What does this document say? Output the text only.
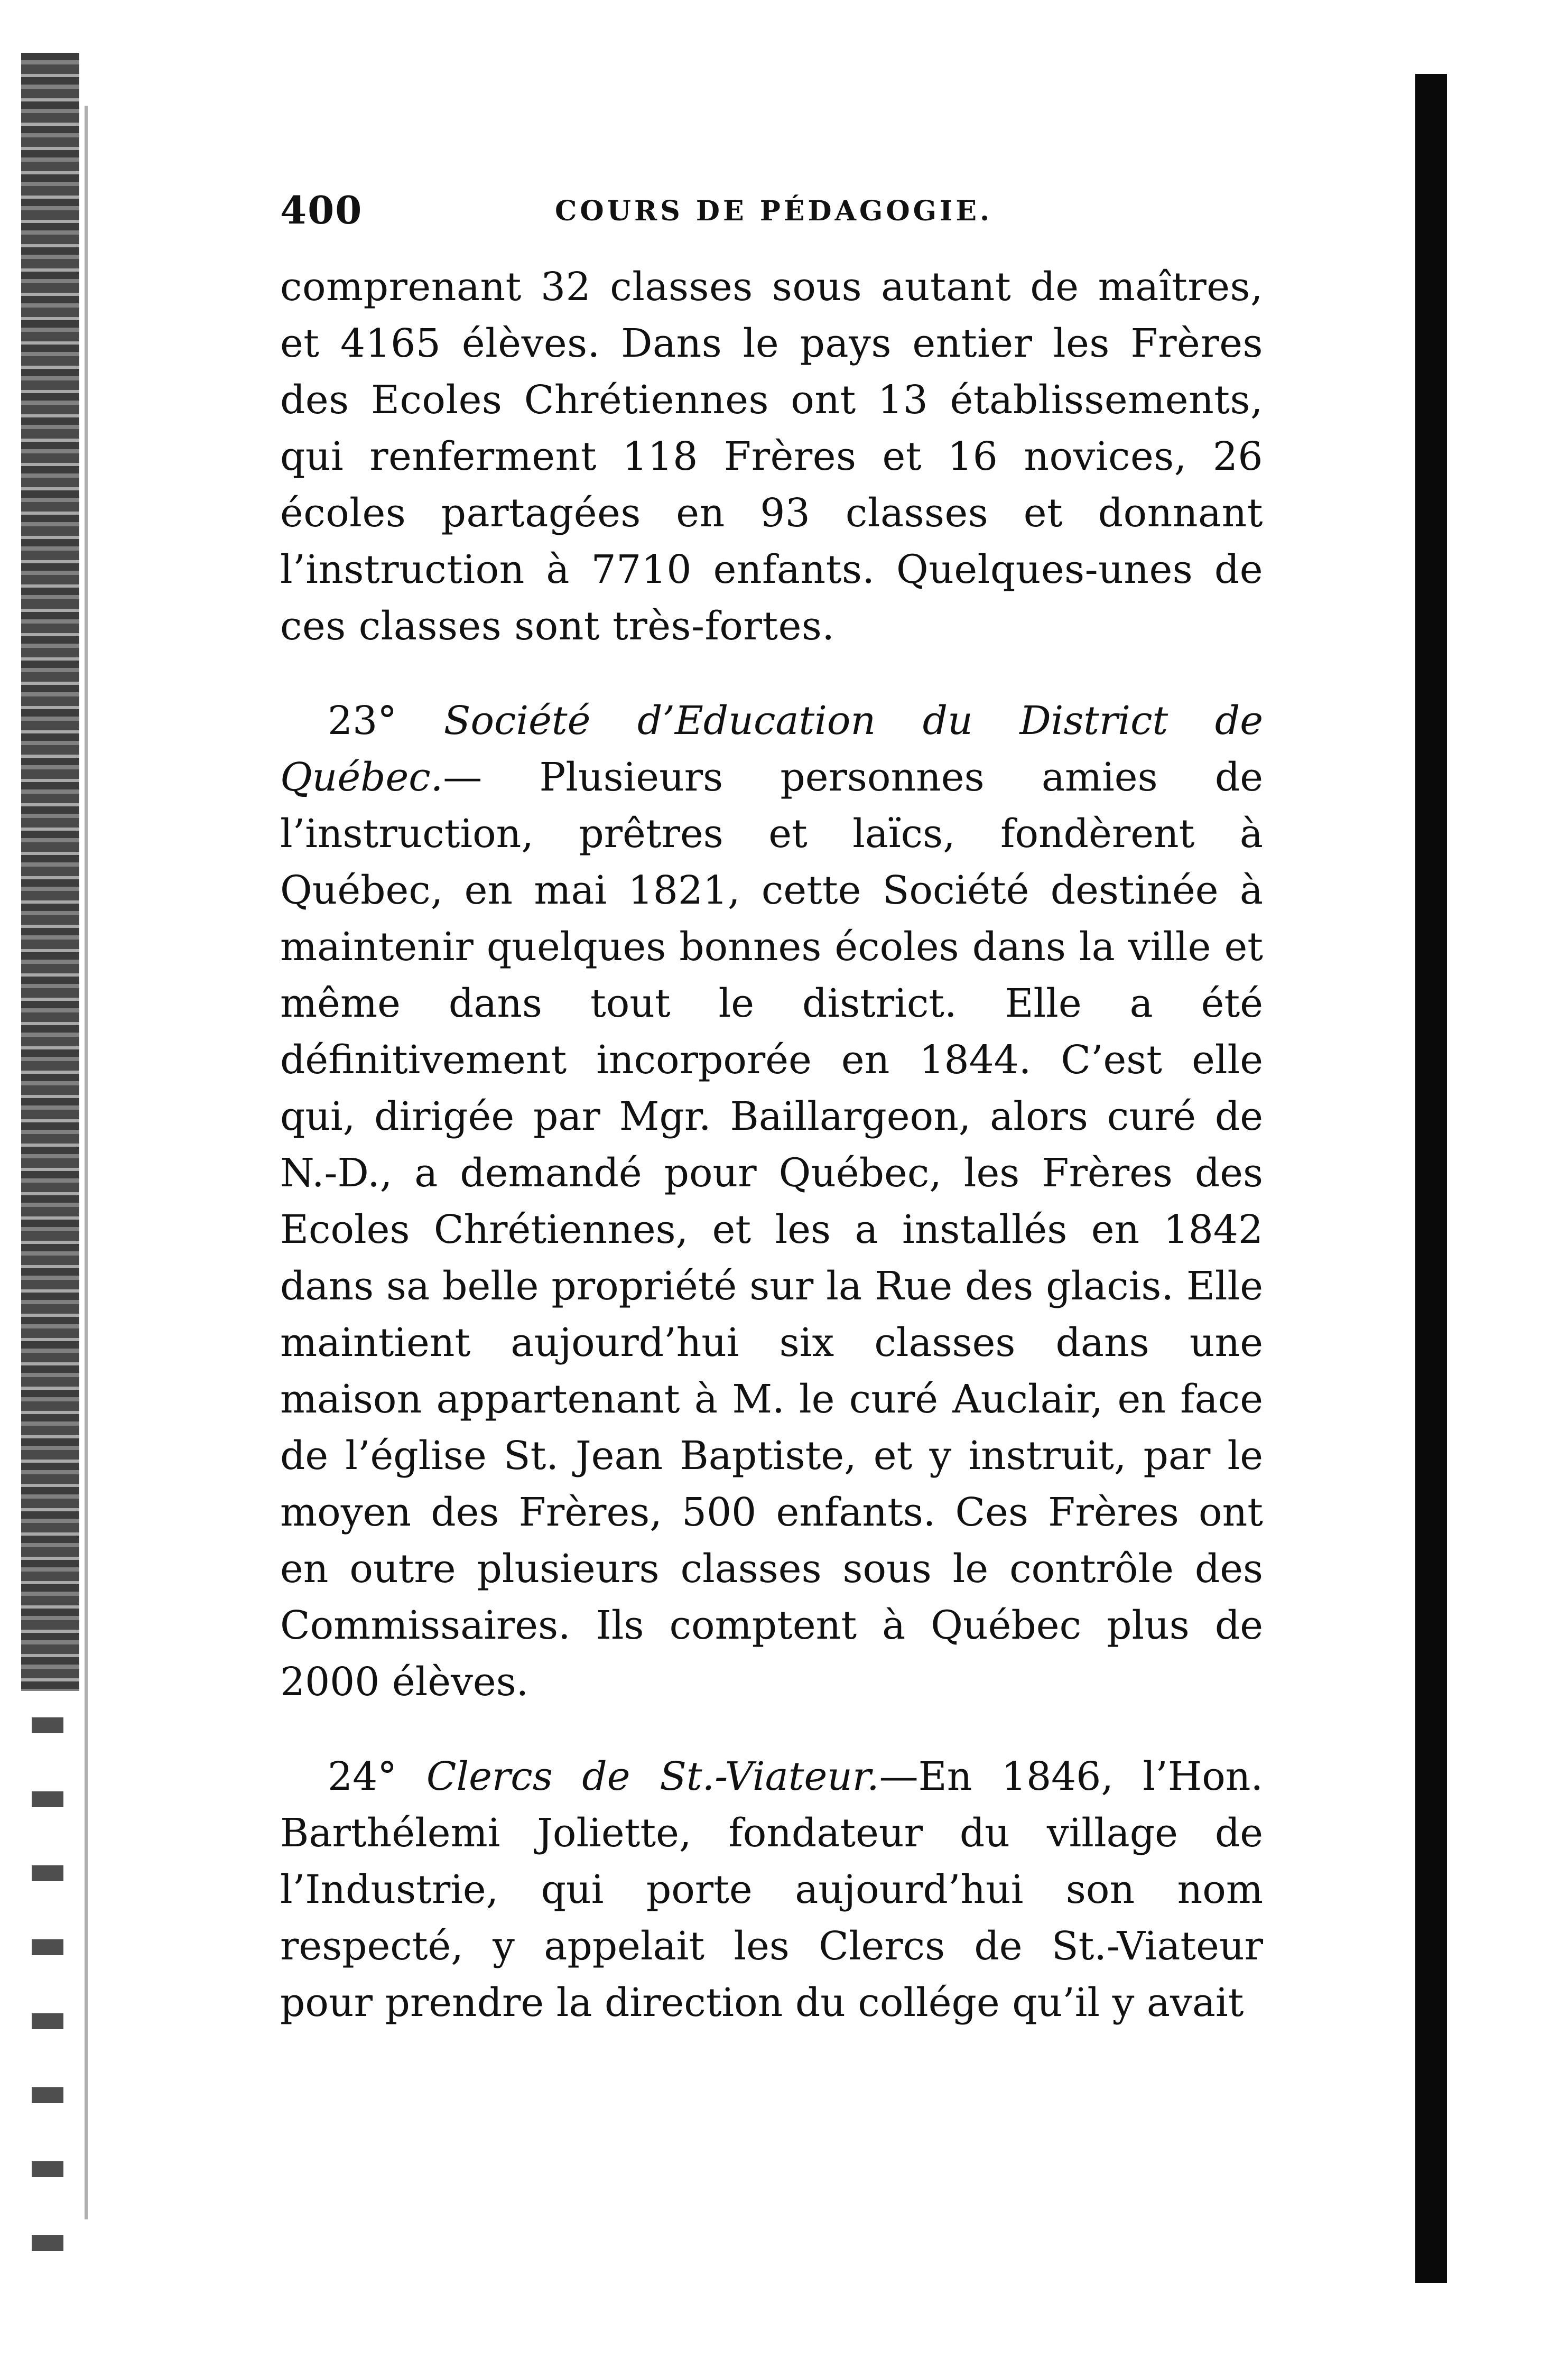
400	COURS DE PÉDAGOGIE.

comprenant 32 classes sous autant de maîtres, et 4165 élèves. Dans le pays entier les Frères des Ecoles Chrétiennes ont 13 établissements, qui renferment 118 Frères et 16 novices, 26 écoles partagées en 93 classes et donnant l’instruction à 7710 enfants. Quelques-unes de ces classes sont très-fortes.

23° Société d’Education du District de Québec.— Plusieurs personnes amies de l’instruction, prêtres et laïcs, fondèrent à Québec, en mai 1821, cette Société destinée à maintenir quelques bonnes écoles dans la ville et même dans tout le district. Elle a été définitivement incorporée en 1844. C’est elle qui, dirigée par Mgr. Baillargeon, alors curé de N.-D., a demandé pour Québec, les Frères des Ecoles Chrétiennes, et les a installés en 1842 dans sa belle propriété sur la Rue des glacis. Elle maintient aujourd’hui six classes dans une maison appartenant à M. le curé Auclair, en face de l’église St. Jean Baptiste, et y instruit, par le moyen des Frères, 500 enfants. Ces Frères ont en outre plusieurs classes sous le contrôle des Commissaires. Ils comptent à Québec plus de 2000 élèves.

24° Clercs de St.-Viateur.—En 1846, l’Hon. Barthélemi Joliette, fondateur du village de l’Industrie, qui porte aujourd’hui son nom respecté, y appelait les Clercs de St.-Viateur pour prendre la direction du collége qu’il y avait
